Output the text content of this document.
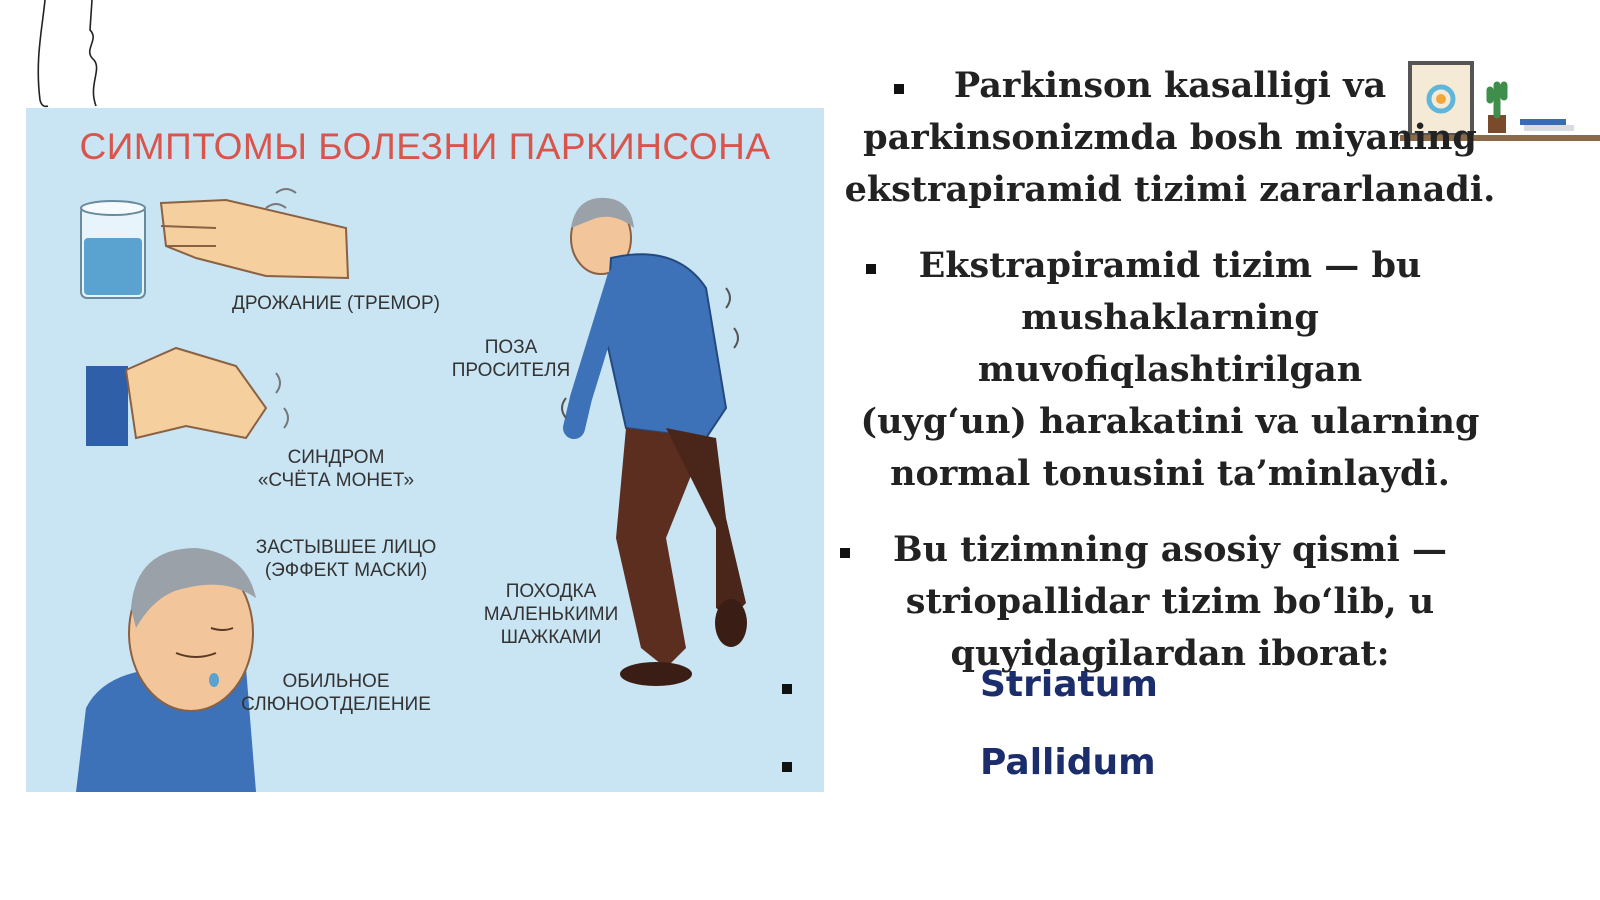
СИМПТОМЫ БОЛЕЗНИ ПАРКИНСОНА
ДРОЖАНИЕ (ТРЕМОР)
ПОЗА
ПРОСИТЕЛЯ
СИНДРОМ
«СЧЁТА МОНЕТ»
ЗАСТЫВШЕЕ ЛИЦО
(ЭФФЕКТ МАСКИ)
ПОХОДКА
МАЛЕНЬКИМИ
ШАЖКАМИ
ОБИЛЬНОЕ
СЛЮНООТДЕЛЕНИЕ
Parkinson kasalligi va
parkinsonizmda bosh miyaning
ekstrapiramid tizimi zararlanadi.
Ekstrapiramid tizim — bu
mushaklarning muvofiqlashtirilgan
(uyg‘un) harakatini va ularning
normal tonusini ta’minlaydi.
Bu tizimning asosiy qismi —
striopallidar tizim bo‘lib, u
quyidagilardan iborat:
Striatum
Pallidum
